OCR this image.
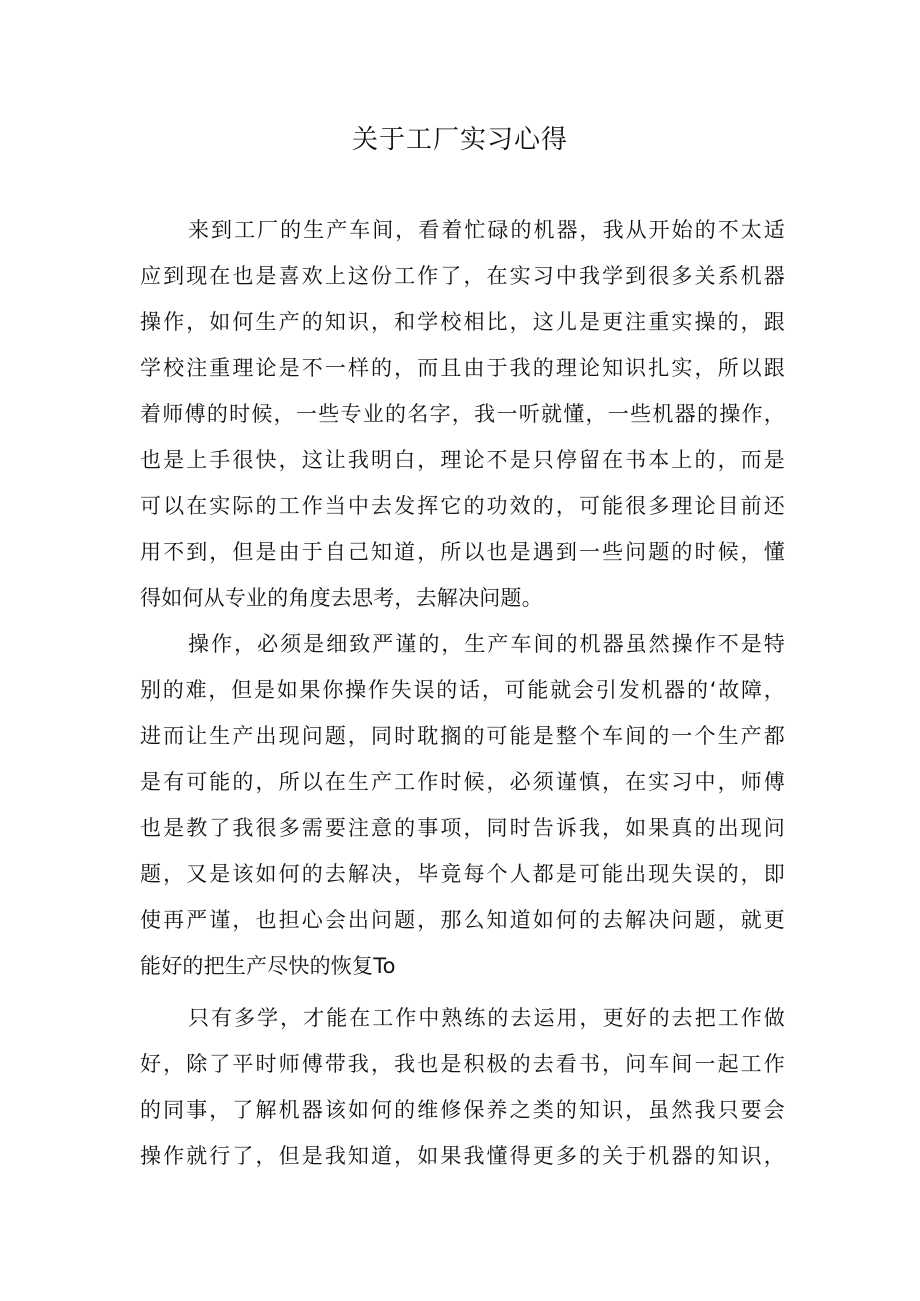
关于工厂实习心得
来到工厂的生产车间，看着忙碌的机器，我从开始的不太适
应到现在也是喜欢上这份工作了，在实习中我学到很多关系机器
操作，如何生产的知识，和学校相比，这儿是更注重实操的，跟
学校注重理论是不一样的，而且由于我的理论知识扎实，所以跟
着师傅的时候，一些专业的名字，我一听就懂，一些机器的操作，
也是上手很快，这让我明白，理论不是只停留在书本上的，而是
可以在实际的工作当中去发挥它的功效的，可能很多理论目前还
用不到，但是由于自己知道，所以也是遇到一些问题的时候，懂
得如何从专业的角度去思考，去解决问题。
操作，必须是细致严谨的，生产车间的机器虽然操作不是特
别的难，但是如果你操作失误的话，可能就会引发机器的‘故障，
进而让生产出现问题，同时耽搁的可能是整个车间的一个生产都
是有可能的，所以在生产工作时候，必须谨慎，在实习中，师傅
也是教了我很多需要注意的事项，同时告诉我，如果真的出现问
题，又是该如何的去解决，毕竟每个人都是可能出现失误的，即
使再严谨，也担心会出问题，那么知道如何的去解决问题，就更
能好的把生产尽快的恢复To
只有多学，才能在工作中熟练的去运用，更好的去把工作做
好，除了平时师傅带我，我也是积极的去看书，问车间一起工作
的同事，了解机器该如何的维修保养之类的知识，虽然我只要会
操作就行了，但是我知道，如果我懂得更多的关于机器的知识，
